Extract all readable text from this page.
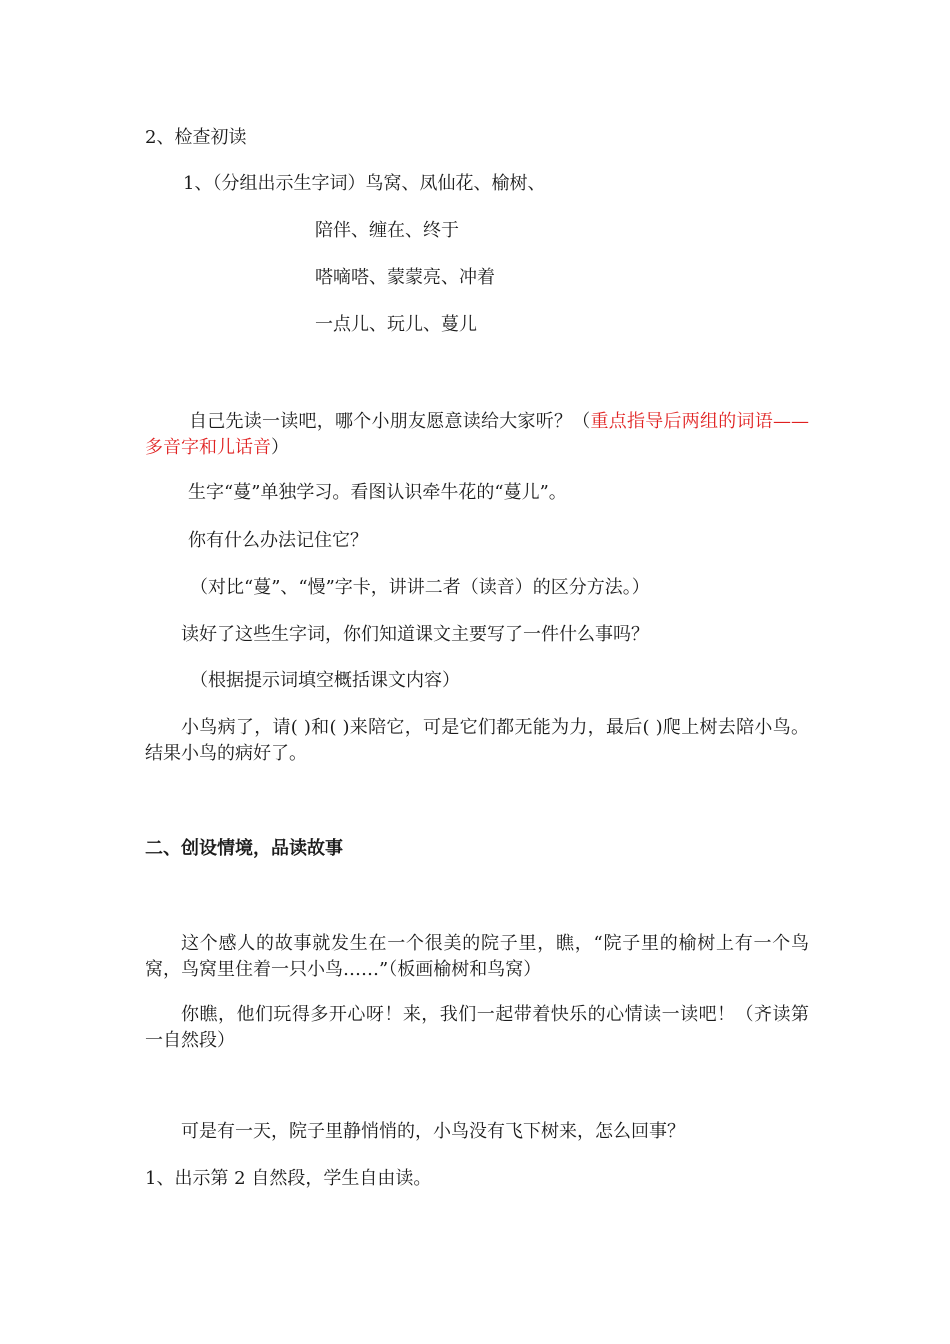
2、检查初读
1、（分组出示生字词）鸟窝、凤仙花、榆树、
陪伴、缠在、终于
嗒嘀嗒、蒙蒙亮、冲着
一点儿、玩儿、蔓儿
自己先读一读吧，哪个小朋友愿意读给大家听？（重点指导后两组的词语——多音字和儿话音）
生字“蔓”单独学习。看图认识牵牛花的“蔓儿”。
你有什么办法记住它？
（对比“蔓”、“慢”字卡，讲讲二者（读音）的区分方法。）
读好了这些生字词，你们知道课文主要写了一件什么事吗？
（根据提示词填空概括课文内容）
小鸟病了，请( )和( )来陪它，可是它们都无能为力，最后( )爬上树去陪小鸟。结果小鸟的病好了。
二、创设情境，品读故事
这个感人的故事就发生在一个很美的院子里，瞧，“院子里的榆树上有一个鸟窝，鸟窝里住着一只小鸟……”（板画榆树和鸟窝）
你瞧，他们玩得多开心呀！来，我们一起带着快乐的心情读一读吧！（齐读第一自然段）
可是有一天，院子里静悄悄的，小鸟没有飞下树来，怎么回事？
1、出示第 2 自然段，学生自由读。
